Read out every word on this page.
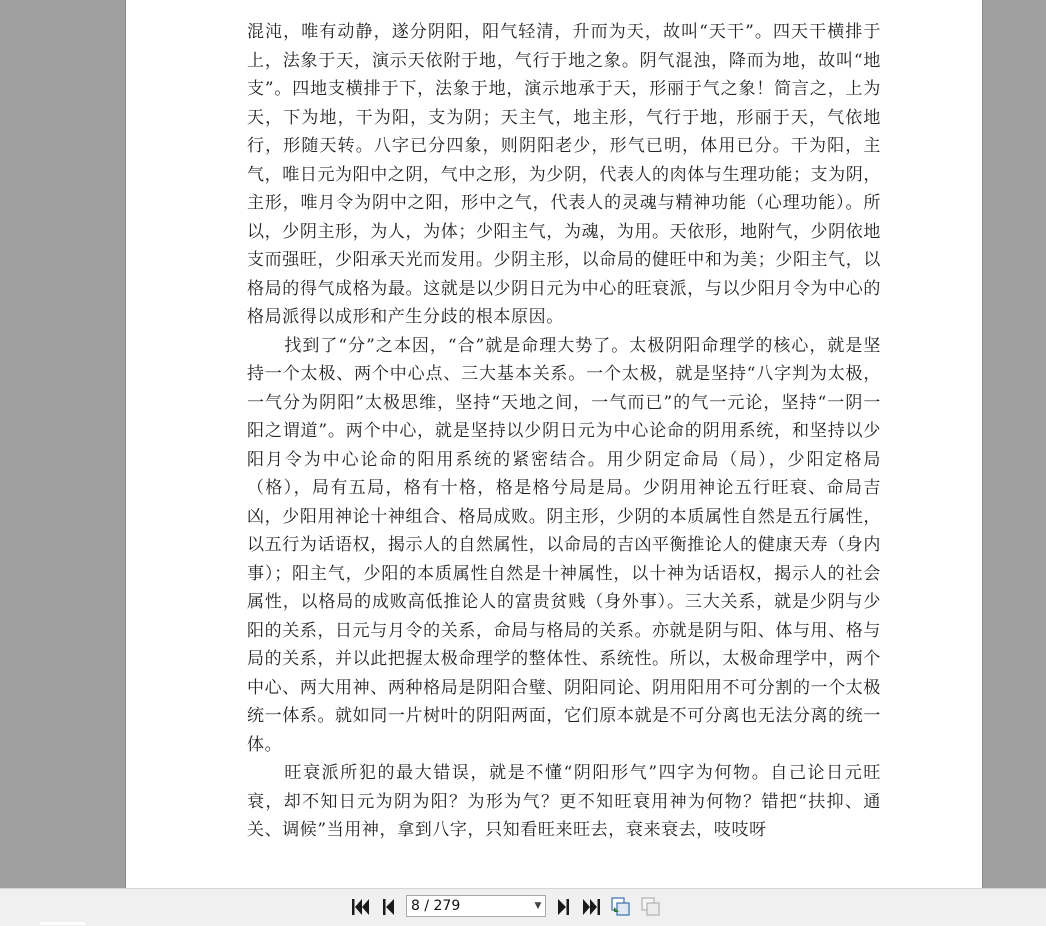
混沌，唯有动静，遂分阴阳，阳气轻清，升而为天，故叫“天干”。四天干横排于上，法象于天，演示天依附于地，气行于地之象。阴气混浊，降而为地，故叫“地支”。四地支横排于下，法象于地，演示地承于天，形丽于气之象！简言之，上为天，下为地，干为阳，支为阴；天主气，地主形，气行于地，形丽于天，气依地行，形随天转。八字已分四象，则阴阳老少，形气已明，体用已分。干为阳，主气，唯日元为阳中之阴，气中之形，为少阴，代表人的肉体与生理功能；支为阴，主形，唯月令为阴中之阳，形中之气，代表人的灵魂与精神功能（心理功能）。所以，少阴主形，为人，为体；少阳主气，为魂，为用。天依形，地附气，少阴依地支而强旺，少阳承天光而发用。少阴主形，以命局的健旺中和为美；少阳主气，以格局的得气成格为最。这就是以少阴日元为中心的旺衰派，与以少阳月令为中心的格局派得以成形和产生分歧的根本原因。

找到了“分”之本因，“合”就是命理大势了。太极阴阳命理学的核心，就是坚持一个太极、两个中心点、三大基本关系。一个太极，就是坚持“八字判为太极，一气分为阴阳”太极思维，坚持“天地之间，一气而已”的气一元论，坚持“一阴一阳之谓道”。两个中心，就是坚持以少阴日元为中心论命的阴用系统，和坚持以少阳月令为中心论命的阳用系统的紧密结合。用少阴定命局（局），少阳定格局（格），局有五局，格有十格，格是格兮局是局。少阴用神论五行旺衰、命局吉凶，少阳用神论十神组合、格局成败。阴主形，少阴的本质属性自然是五行属性，以五行为话语权，揭示人的自然属性，以命局的吉凶平衡推论人的健康天寿（身内事）；阳主气，少阳的本质属性自然是十神属性，以十神为话语权，揭示人的社会属性，以格局的成败高低推论人的富贵贫贱（身外事）。三大关系，就是少阴与少阳的关系，日元与月令的关系，命局与格局的关系。亦就是阴与阳、体与用、格与局的关系，并以此把握太极命理学的整体性、系统性。所以，太极命理学中，两个中心、两大用神、两种格局是阴阳合璧、阴阳同论、阴用阳用不可分割的一个太极统一体系。就如同一片树叶的阴阳两面，它们原本就是不可分离也无法分离的统一体。

旺衰派所犯的最大错误，就是不懂“阴阳形气”四字为何物。自己论日元旺衰，却不知日元为阴为阳？为形为气？更不知旺衰用神为何物？错把“扶抑、通关、调候”当用神，拿到八字，只知看旺来旺去，衰来衰去，吱吱呀

8 / 279	▼
